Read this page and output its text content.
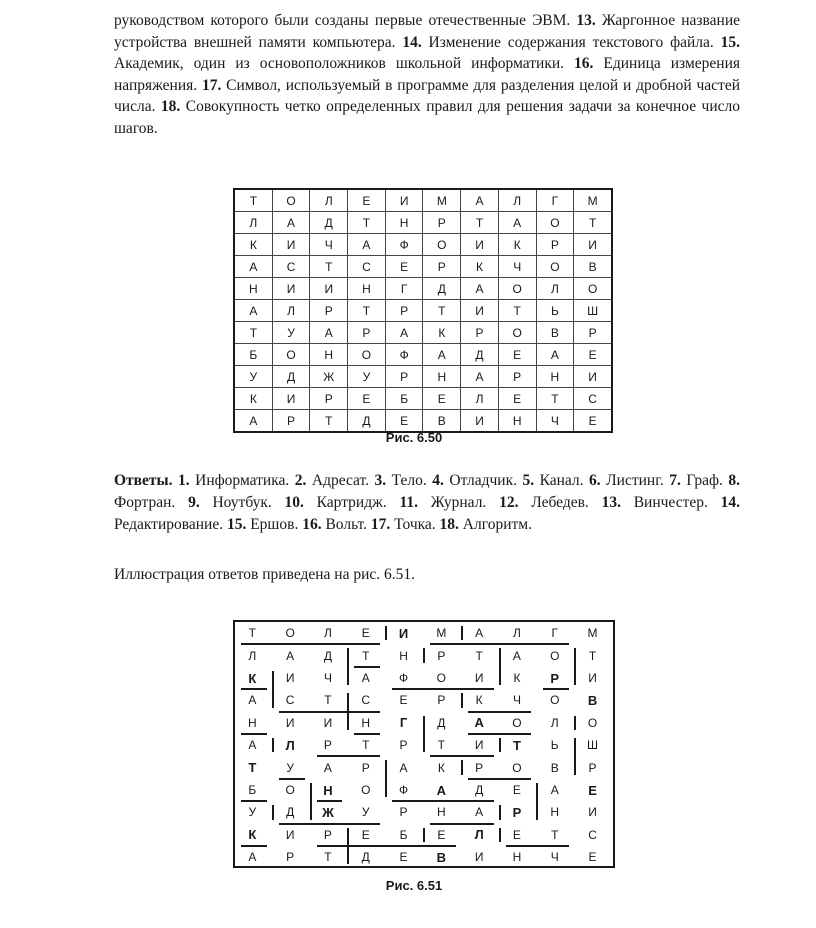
руководством которого были созданы первые отечественные ЭВМ. 13. Жаргонное название устройства внешней памяти компьютера. 14. Изменение содержания текстового файла. 15. Академик, один из основоположников школьной информатики. 16. Единица измерения напряжения. 17. Символ, используемый в программе для разделения целой и дробной частей числа. 18. Совокупность четко определенных правил для решения задачи за конечное число шагов.
Т	О	Л	Е	И	М	А	Л	Г	М
Л	А	Д	Т	Н	Р	Т	А	О	Т
К	И	Ч	А	Ф	О	И	К	Р	И
А	С	Т	С	Е	Р	К	Ч	О	В
Н	И	И	Н	Г	Д	А	О	Л	О
А	Л	Р	Т	Р	Т	И	Т	Ь	Ш
Т	У	А	Р	А	К	Р	О	В	Р
Б	О	Н	О	Ф	А	Д	Е	А	Е
У	Д	Ж	У	Р	Н	А	Р	Н	И
К	И	Р	Е	Б	Е	Л	Е	Т	С
А	Р	Т	Д	Е	В	И	Н	Ч	Е
Рис. 6.50
Ответы. 1. Информатика. 2. Адресат. 3. Тело. 4. Отладчик. 5. Канал. 6. Листинг. 7. Граф. 8. Фортран. 9. Ноутбук. 10. Картридж. 11. Журнал. 12. Лебедев. 13. Винчестер. 14. Редактирование. 15. Ершов. 16. Вольт. 17. Точка. 18. Алгоритм.
Иллюстрация ответов приведена на рис. 6.51.
Т	О	Л	Е	И	М	А	Л	Г	М
Л	А	Д	Т	Н	Р	Т	А	О	Т
К	И	Ч	А	Ф	О	И	К	Р	И
А	С	Т	С	Е	Р	К	Ч	О	В
Н	И	И	Н	Г	Д	А	О	Л	О
А	Л	Р	Т	Р	Т	И	Т	Ь	Ш
Т	У	А	Р	А	К	Р	О	В	Р
Б	О	Н	О	Ф	А	Д	Е	А	Е
У	Д	Ж	У	Р	Н	А	Р	Н	И
К	И	Р	Е	Б	Е	Л	Е	Т	С
А	Р	Т	Д	Е	В	И	Н	Ч	Е
Рис. 6.51
